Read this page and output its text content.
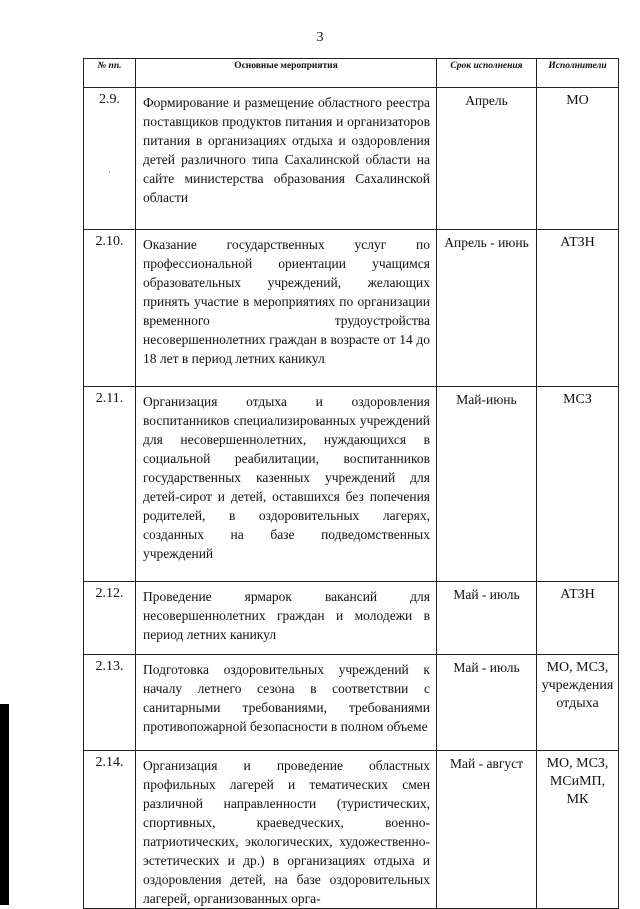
3
№ пп.	Основные мероприятия	Срок исполнения	Исполнители
2.9.	Формирование и размещение областного реестра поставщиков продуктов питания и организаторов питания в организациях отдыха и оздоровления детей различного типа Сахалинской области на сайте министерства образования Сахалинской области	Апрель	МО
2.10.	Оказание государственных услуг по профессиональной ориентации учащимся образовательных учреждений, желающих принять участие в мероприятиях по организации временного трудоустройства несовершеннолетних граждан в возрасте от 14 до 18 лет в период летних каникул	Апрель - июнь	АТЗН
2.11.	Организация отдыха и оздоровления воспитанников специализированных учреждений для несовершеннолетних, нуждающихся в социальной реабилитации, воспитанников государственных казенных учреждений для детей-сирот и детей, оставшихся без попечения родителей, в оздоровительных лагерях, созданных на базе подведомственных учреждений	Май-июнь	МСЗ
2.12.	Проведение ярмарок вакансий для несовершеннолетних граждан и молодежи в период летних каникул	Май - июль	АТЗН
2.13.	Подготовка оздоровительных учреждений к началу летнего сезона в соответствии с санитарными требованиями, требованиями противопожарной безопасности в полном объеме	Май - июль	МО, МСЗ, учреждения отдыха
2.14.	Организация и проведение областных профильных лагерей и тематических смен различной направленности (туристических, спортивных, краеведческих, военно-патриотических, экологических, художественно-эстетических и др.) в организациях отдыха и оздоровления детей, на базе оздоровительных лагерей, организованных орга-	Май - август	МО, МСЗ, МСиМП, МК
·
